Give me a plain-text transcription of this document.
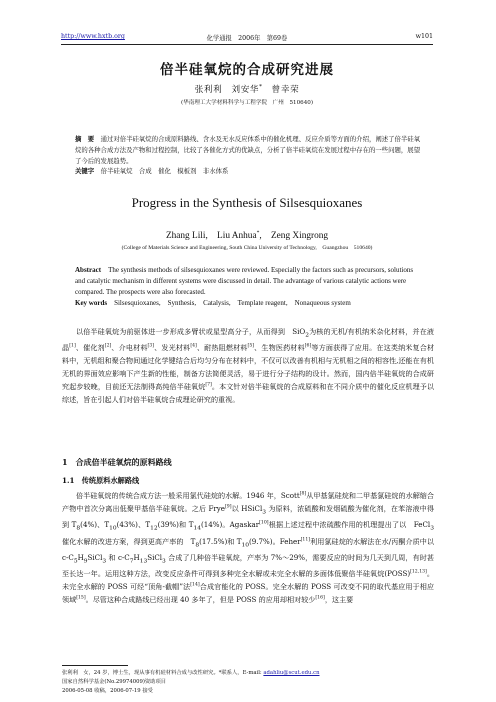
http://www.hxtb.org	化学通报　2006年　第69卷	w101
倍半硅氧烷的合成研究进展
张利利　刘安华*　曾幸荣
(华南理工大学材料科学与工程学院　广州　510640)
摘　要　 通过对倍半硅氧烷的合成原料路线、含水及无水反应体系中的催化机理、反应介质等方面的介绍，阐述了倍半硅氧烷的各种合成方法及产物和过程控制，比较了各催化方式的优缺点，分析了倍半硅氧烷在发展过程中存在的一些问题，展望了今后的发展趋势。
关键字　 倍半硅氧烷　合成　催化　模板剂　非水体系
Progress in the Synthesis of Silsesquioxanes
Zhang Lili,　Liu Anhua*,　Zeng Xingrong
(College of Materials Science and Engineering, South China University of Technology,　Guangzhou　510640)
Abstract　 The synthesis methods of silsesquioxanes were reviewed. Especially the factors such as precursors, solutions and catalytic mechanism in different systems were discussed in detail. The advantage of various catalytic actions were compared. The prospects were also forecasted.
Key words　 Silsesquioxanes,　Synthesis,　Catalysis,　Template reagent,　Nonaqueous system
以倍半硅氧烷为前驱体进一步形成多臂状或星型高分子，从而得到　SiO$_2$为核的无机/有机纳米杂化材料，并在液晶[1]、催化剂[2]、介电材料[3]、发光材料[4]、耐热阻燃材料[5]、生物医药材料[6]等方面获得了应用。在这类纳米复合材料中，无机组和聚合物间通过化学键结合后均匀分布在材料中，不仅可以改善有机相与无机相之间的相容性,还能在有机无机的界面效应影响下产生新的性能，制备方法简便灵活，易于进行分子结构的设计。然而，国内倍半硅氧烷的合成研究起步较晚，目前还无法制得高纯倍半硅氧烷[7]。本文针对倍半硅氧烷的合成原料和在不同介质中的催化反应机理予以综述，旨在引起人们对倍半硅氧烷合成理论研究的重视。
1　合成倍半硅氧烷的原料路线
1.1　传统原料水解路线
倍半硅氧烷的传统合成方法一般采用氯代硅烷的水解。1946 年，Scott[8]从甲基氯硅烷和二甲基氯硅烷的水解缩合产物中首次分离出低聚甲基倍半硅氧烷。之后 Frye[9]以 HSiCl$_3$ 为原料，浓硫酸和发烟硫酸为催化剂，在苯溶液中得到 $T_8(4\%)$、$T_{10}(43\%)$、$T_{12}(39\%)$和 $T_{14}(14\%)$。Agaskar[10]根据上述过程中浓硫酸作用的机理提出了以　FeCl$_3$ 催化水解的改进方案，得到更高产率的　$T_8(17.5\%)$和 $T_{10}(9.7\%)$。Feher[11]利用氯硅烷的水解法在水/丙酮介质中以 $c-C_5H_9SiCl_3$ 和 $c-C_7H_{13}SiCl_3$ 合成了几种倍半硅氧烷，产率为 7%～29%，需要反应的时间为几天到几周，有时甚至长达一年。运用这种方法，改变反应条件可得到多种完全水解或未完全水解的多面体低聚倍半硅氧烷(POSS)[12,13]。未完全水解的 POSS 可经“顶角-截帽”法[14]合成官能化的 POSS。完全水解的 POSS 可改变不同的取代基应用于相应领域[15]。尽管这种合成路线已经出现 40 多年了，但是 POSS 的应用却相对较少[16]，这主要
张利利　女，24 岁，博士生，现从事有机硅材料合成与改性研究。*联系人，E-mail: adahliu@scut.edu.cn
国家自然科学基金(No.29974009)资助项目
2006-05-08 收稿，2006-07-19 接受
